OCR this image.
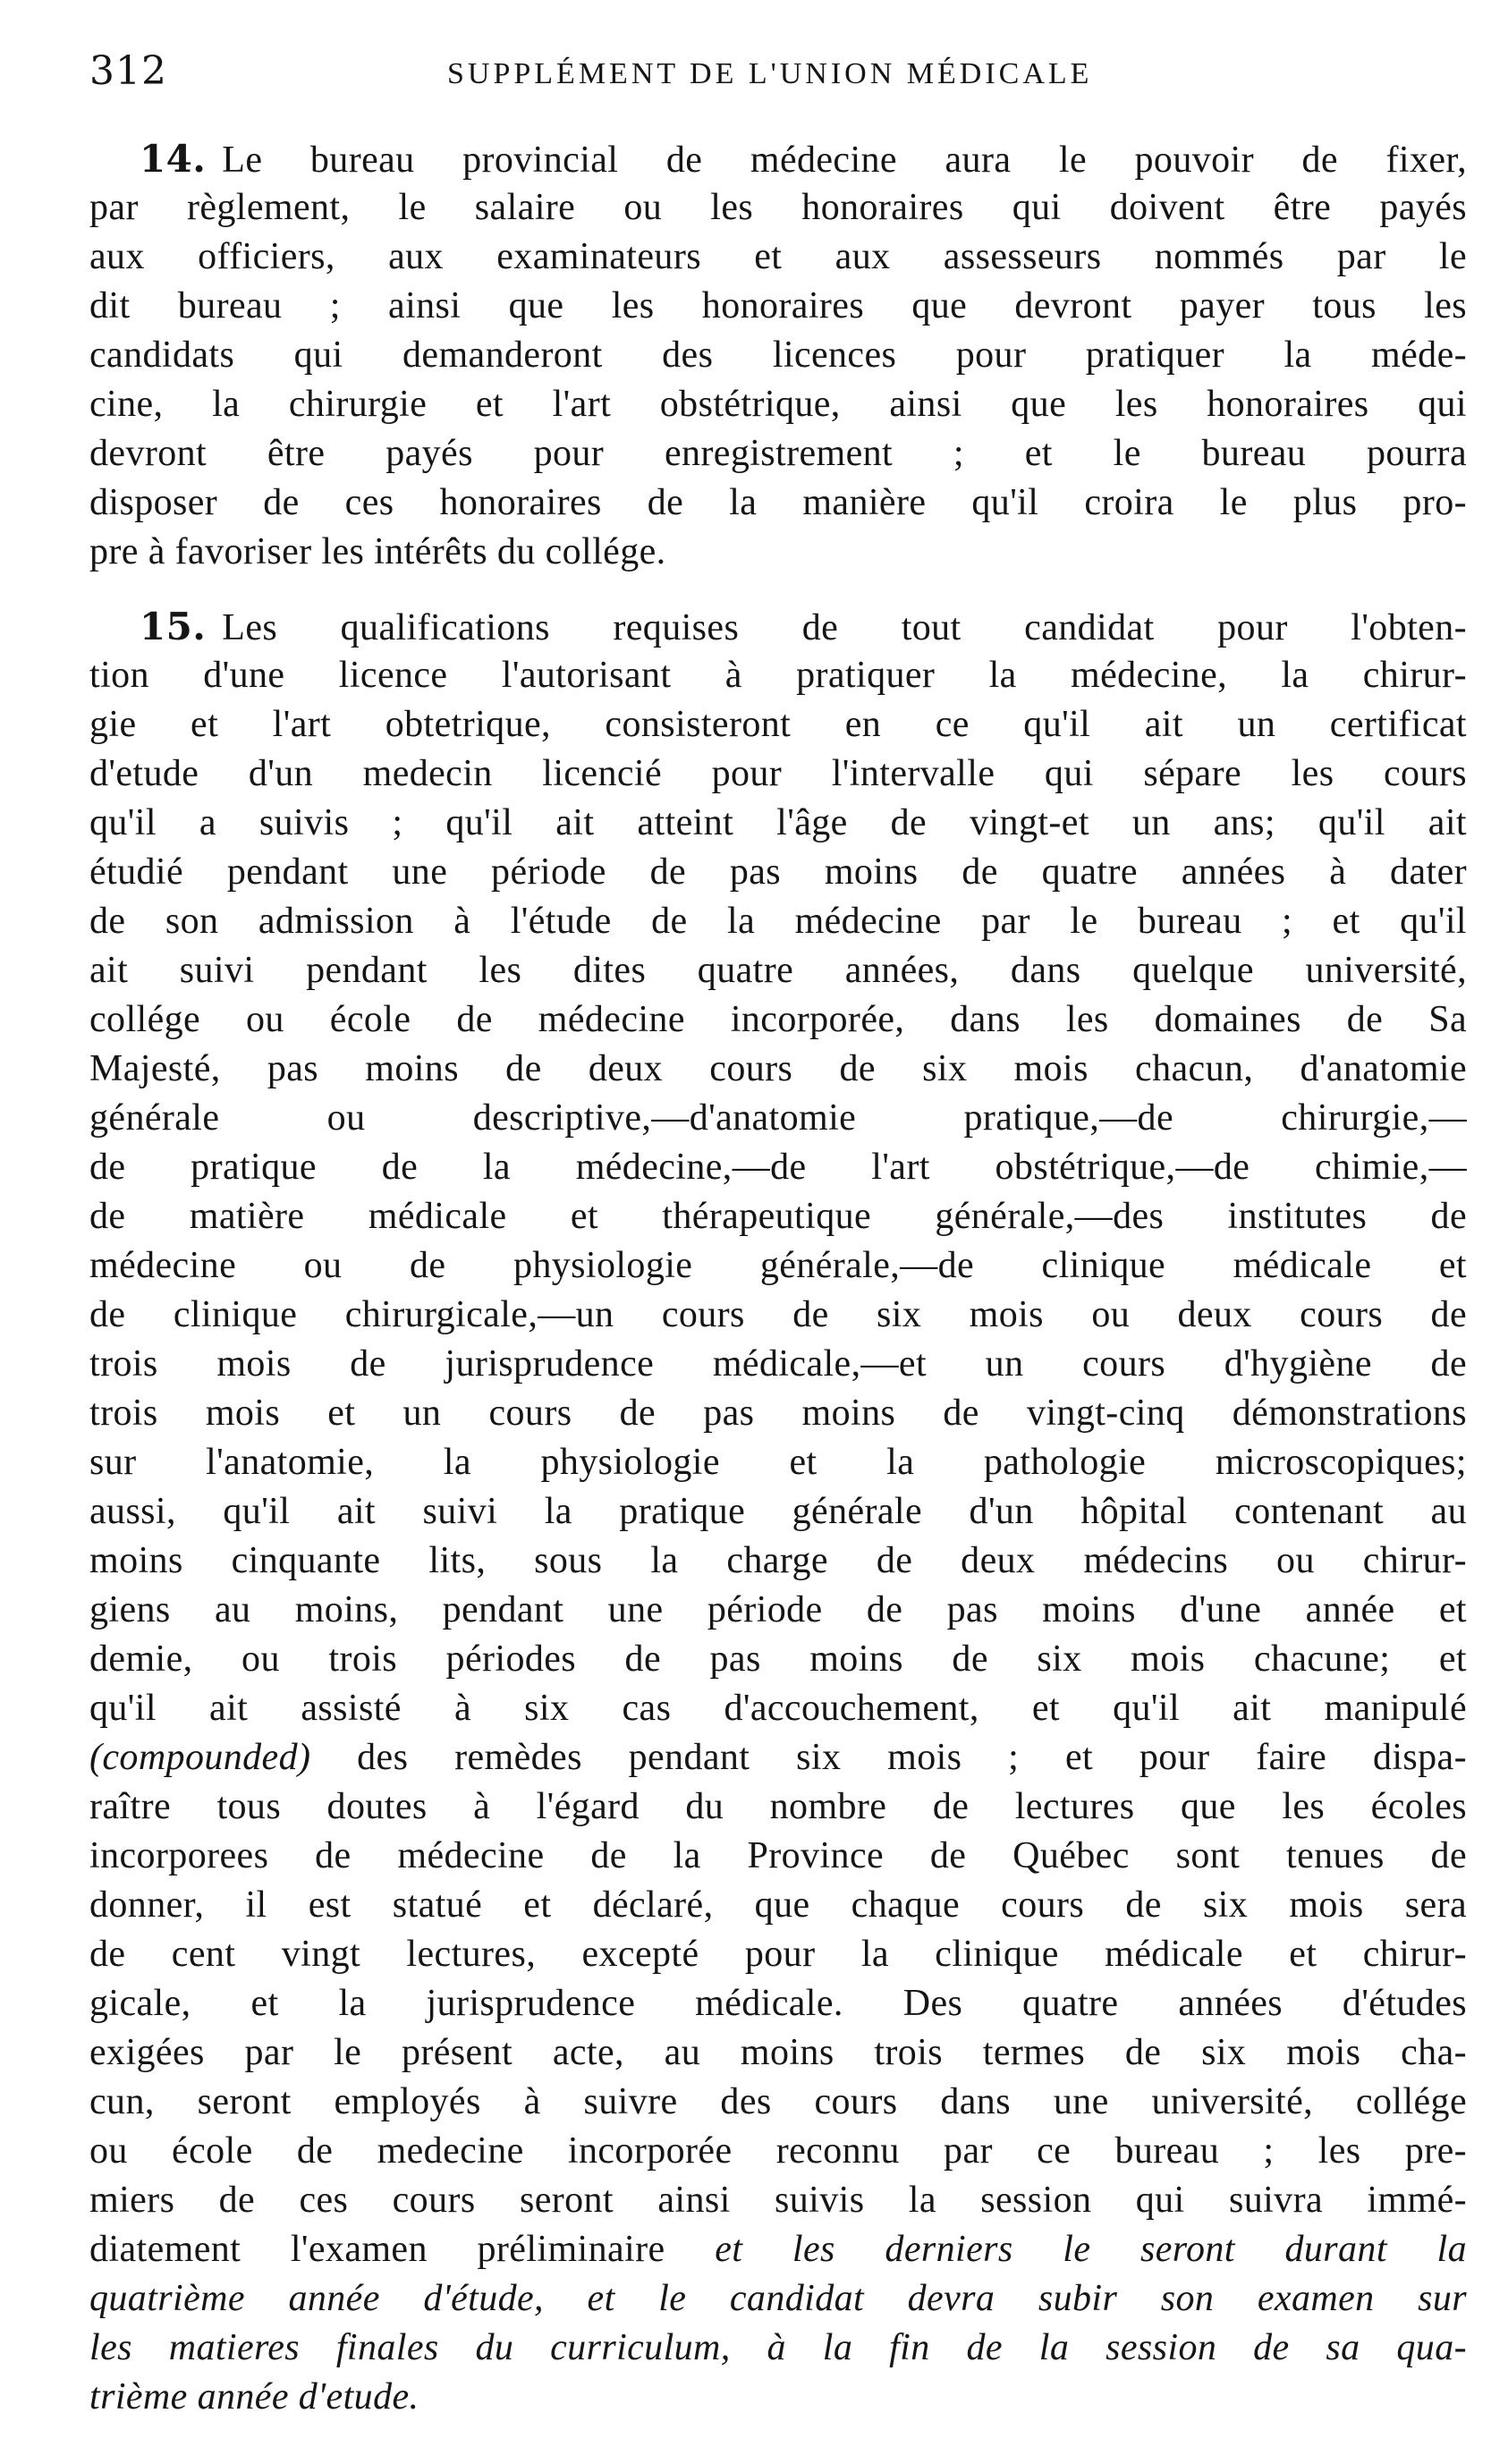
312	SUPPLÉMENT DE L'UNION MÉDICALE
14. Le bureau provincial de médecine aura le pouvoir de fixer,
par règlement, le salaire ou les honoraires qui doivent être payés
aux officiers, aux examinateurs et aux assesseurs nommés par le
dit bureau ; ainsi que les honoraires que devront payer tous les
candidats qui demanderont des licences pour pratiquer la méde-
cine, la chirurgie et l'art obstétrique, ainsi que les honoraires qui
devront être payés pour enregistrement ; et le bureau pourra
disposer de ces honoraires de la manière qu'il croira le plus pro-
pre à favoriser les intérêts du collége.
15. Les qualifications requises de tout candidat pour l'obten-
tion d'une licence l'autorisant à pratiquer la médecine, la chirur-
gie et l'art obtetrique, consisteront en ce qu'il ait un certificat
d'etude d'un medecin licencié pour l'intervalle qui sépare les cours
qu'il a suivis ; qu'il ait atteint l'âge de vingt-et un ans; qu'il ait
étudié pendant une période de pas moins de quatre années à dater
de son admission à l'étude de la médecine par le bureau ; et qu'il
ait suivi pendant les dites quatre années, dans quelque université,
collége ou école de médecine incorporée, dans les domaines de Sa
Majesté, pas moins de deux cours de six mois chacun, d'anatomie
générale ou descriptive,—d'anatomie pratique,—de chirurgie,—
de pratique de la médecine,—de l'art obstétrique,—de chimie,—
de matière médicale et thérapeutique générale,—des institutes de
médecine ou de physiologie générale,—de clinique médicale et
de clinique chirurgicale,—un cours de six mois ou deux cours de
trois mois de jurisprudence médicale,—et un cours d'hygiène de
trois mois et un cours de pas moins de vingt-cinq démonstrations
sur l'anatomie, la physiologie et la pathologie microscopiques;
aussi, qu'il ait suivi la pratique générale d'un hôpital contenant au
moins cinquante lits, sous la charge de deux médecins ou chirur-
giens au moins, pendant une période de pas moins d'une année et
demie, ou trois périodes de pas moins de six mois chacune; et
qu'il ait assisté à six cas d'accouchement, et qu'il ait manipulé
(compounded) des remèdes pendant six mois ; et pour faire dispa-
raître tous doutes à l'égard du nombre de lectures que les écoles
incorporees de médecine de la Province de Québec sont tenues de
donner, il est statué et déclaré, que chaque cours de six mois sera
de cent vingt lectures, excepté pour la clinique médicale et chirur-
gicale, et la jurisprudence médicale. Des quatre années d'études
exigées par le présent acte, au moins trois termes de six mois cha-
cun, seront employés à suivre des cours dans une université, collége
ou école de medecine incorporée reconnu par ce bureau ; les pre-
miers de ces cours seront ainsi suivis la session qui suivra immé-
diatement l'examen préliminaire et les derniers le seront durant la
quatrième année d'étude, et le candidat devra subir son examen sur
les matieres finales du curriculum, à la fin de la session de sa qua-
trième année d'etude.
